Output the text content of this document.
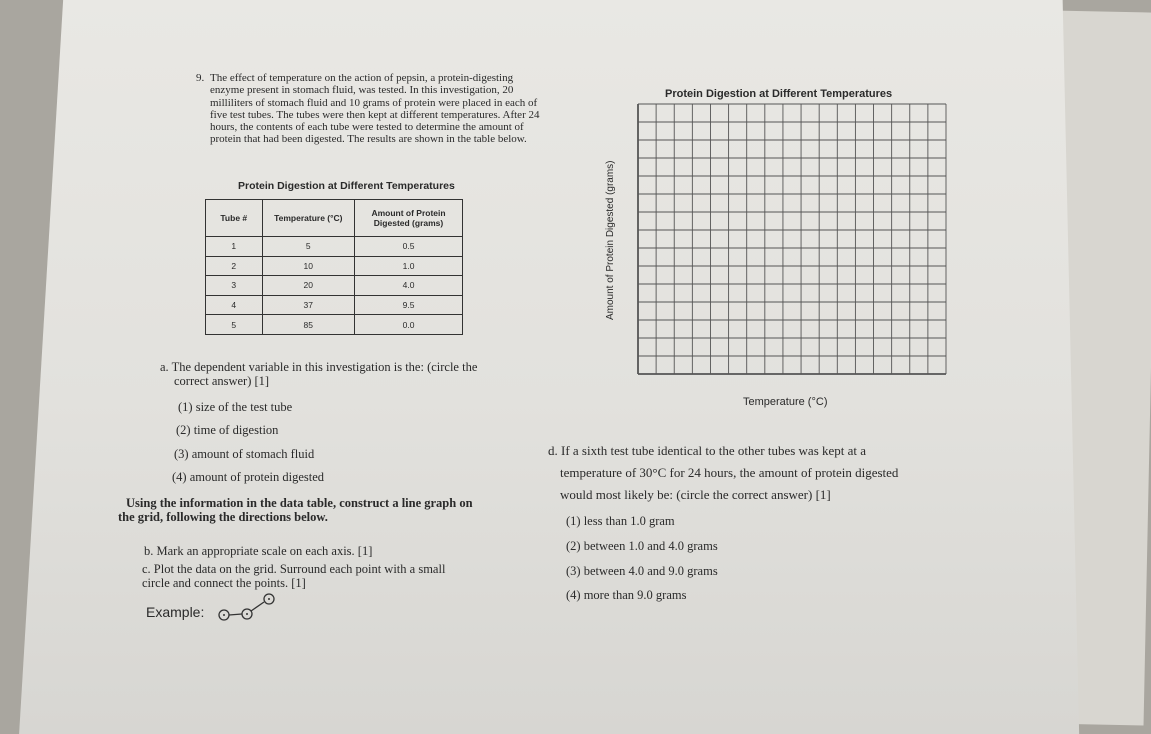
9. The effect of temperature on the action of pepsin, a protein-digesting enzyme present in stomach fluid, was tested. In this investigation, 20 milliliters of stomach fluid and 10 grams of protein were placed in each of five test tubes. The tubes were then kept at different temperatures. After 24 hours, the contents of each tube were tested to determine the amount of protein that had been digested. The results are shown in the table below.
Protein Digestion at Different Temperatures
Tube #	Temperature (°C)	Amount of Protein Digested (grams)
1	5	0.5
2	10	1.0
3	20	4.0
4	37	9.5
5	85	0.0
a. The dependent variable in this investigation is the: (circle the
correct answer) [1]
(1) size of the test tube
(2) time of digestion
(3) amount of stomach fluid
(4) amount of protein digested
Using the information in the data table, construct a line graph on
the grid, following the directions below.
b. Mark an appropriate scale on each axis. [1]
c. Plot the data on the grid. Surround each point with a small
circle and connect the points. [1]
Example:
Protein Digestion at Different Temperatures
Amount of Protein Digested (grams)
Temperature (°C)
d. If a sixth test tube identical to the other tubes was kept at a
temperature of 30°C for 24 hours, the amount of protein digested
would most likely be: (circle the correct answer) [1]
(1) less than 1.0 gram
(2) between 1.0 and 4.0 grams
(3) between 4.0 and 9.0 grams
(4) more than 9.0 grams
